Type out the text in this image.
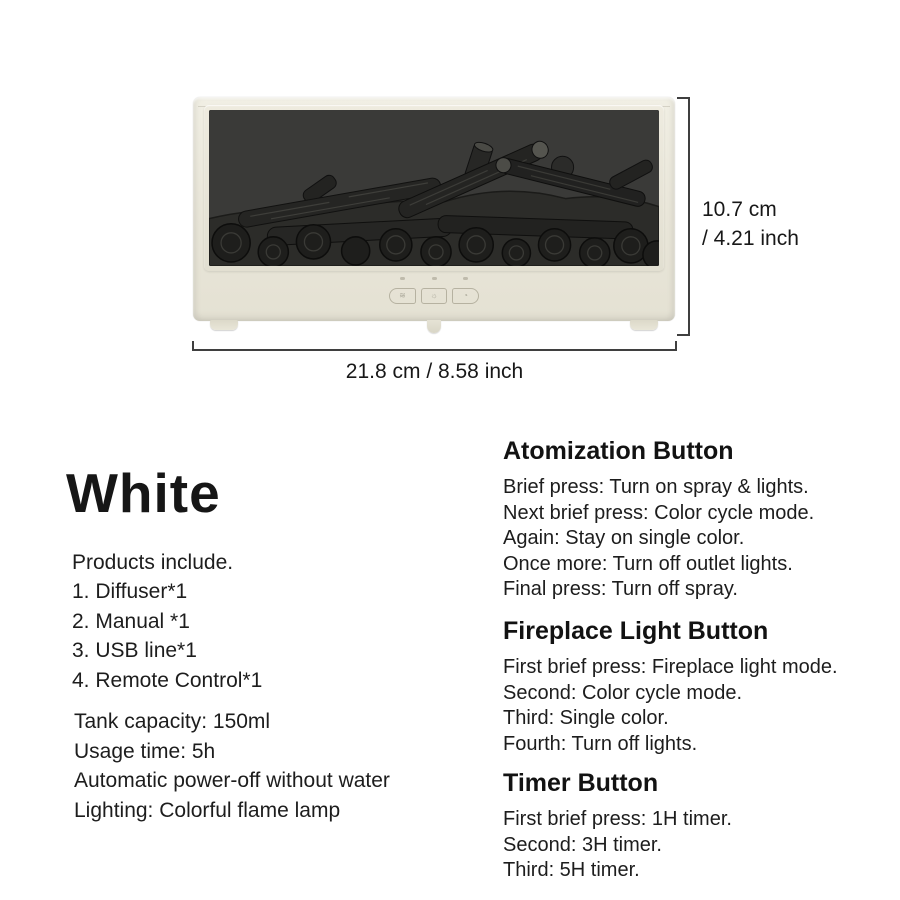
≋	☼	◔
10.7 cm
/ 4.21 inch
21.8 cm / 8.58 inch
White
Products include.
1. Diffuser*1
2. Manual *1
3. USB line*1
4. Remote Control*1
Tank capacity: 150ml
Usage time: 5h
Automatic power-off without water
Lighting: Colorful flame lamp
Atomization Button
Brief press: Turn on spray & lights.
Next brief press: Color cycle mode.
Again: Stay on single color.
Once more: Turn off outlet lights.
Final press: Turn off spray.
Fireplace Light Button
First brief press: Fireplace light mode.
Second: Color cycle mode.
Third: Single color.
Fourth: Turn off lights.
Timer Button
First brief press: 1H timer.
Second: 3H timer.
Third: 5H timer.
